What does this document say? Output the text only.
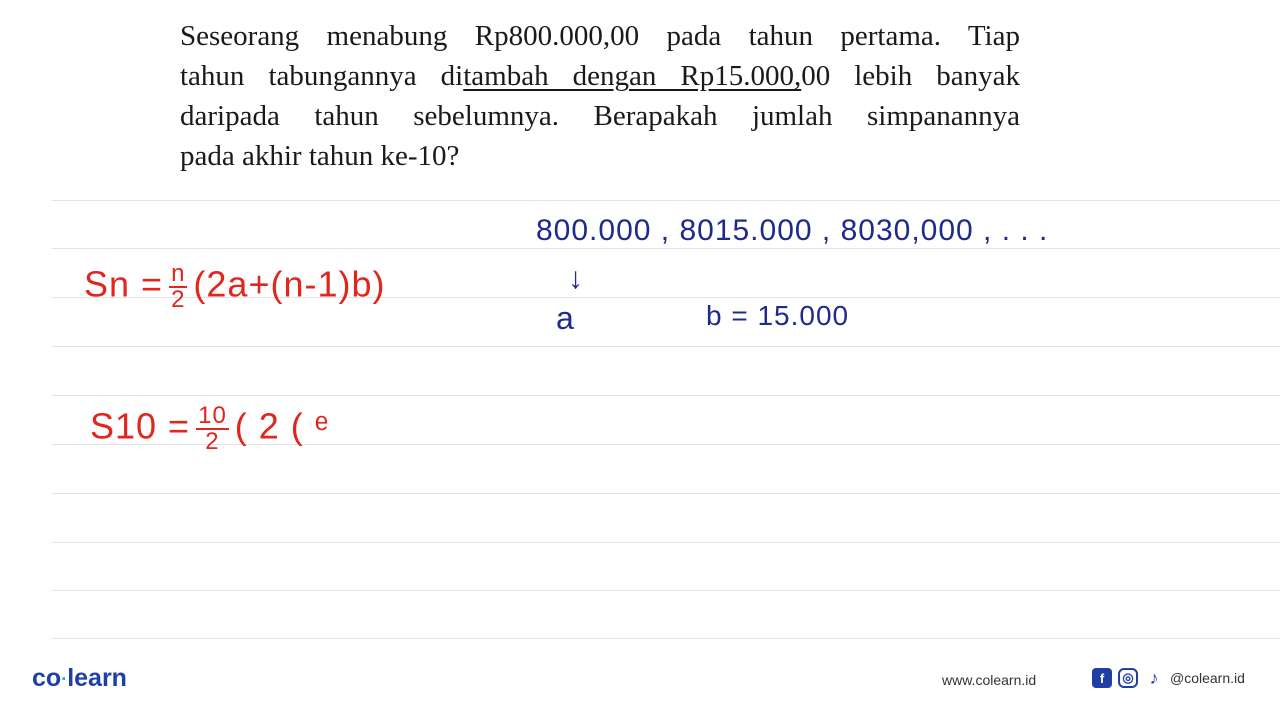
Seseorang menabung Rp800.000,00 pada tahun pertama. Tiap
tahun tabungannya ditambah dengan Rp15.000,00 lebih banyak
daripada tahun sebelumnya. Berapakah jumlah simpanannya
pada akhir tahun ke-10?
800.000 , 8015.000 , 8030,000 , . . .
↓
a	b = 15.000
$Sn = \frac{n}{2} (2a+(n-1)b)$
$S10 = \frac{10}{2}$ ( 2 ( ᵉ
co·learn	www.colearn.id	f	◎ ♪ @colearn.id
